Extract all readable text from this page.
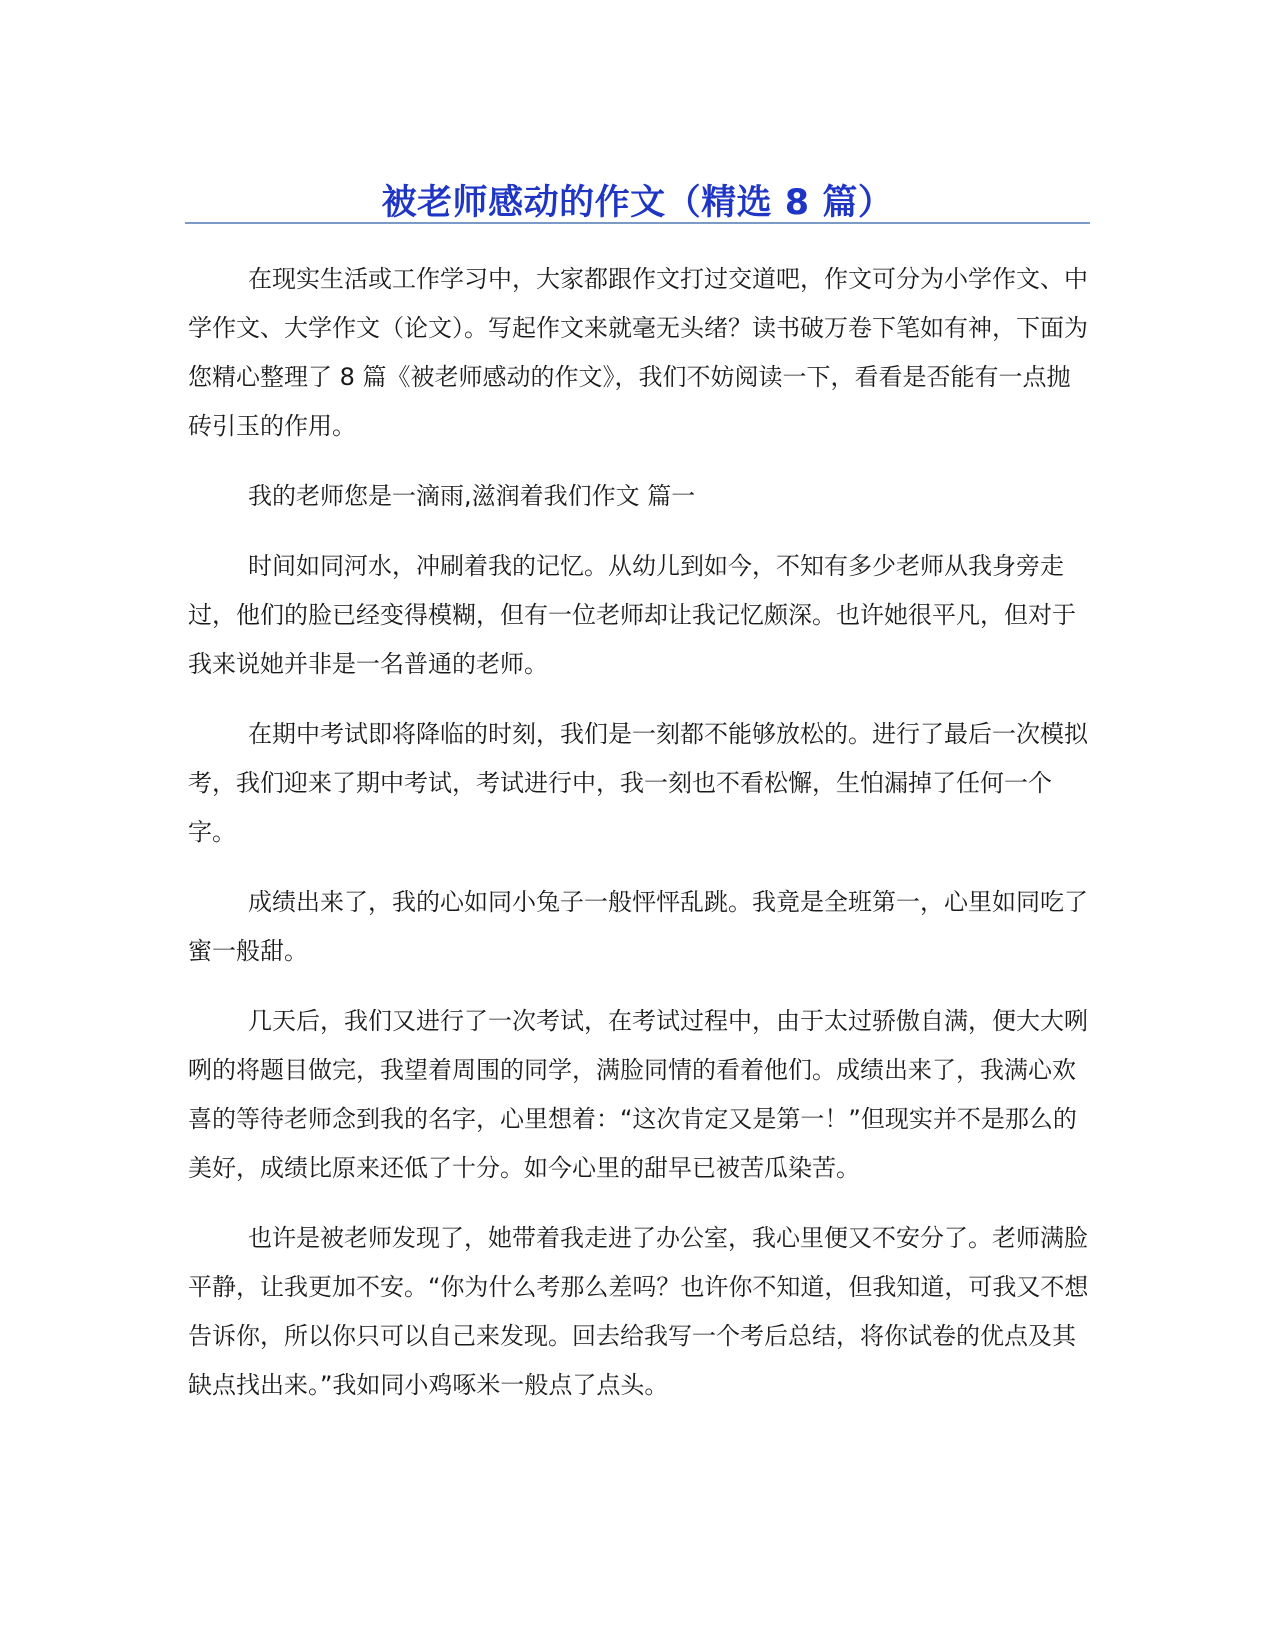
被老师感动的作文（精选 8 篇）

在现实生活或工作学习中，大家都跟作文打过交道吧，作文可分为小学作文、中学作文、大学作文（论文）。写起作文来就毫无头绪？读书破万卷下笔如有神，下面为您精心整理了 8 篇《被老师感动的作文》，我们不妨阅读一下，看看是否能有一点抛砖引玉的作用。

我的老师您是一滴雨,滋润着我们作文 篇一

时间如同河水，冲刷着我的记忆。从幼儿到如今，不知有多少老师从我身旁走过，他们的脸已经变得模糊，但有一位老师却让我记忆颇深。也许她很平凡，但对于我来说她并非是一名普通的老师。

在期中考试即将降临的时刻，我们是一刻都不能够放松的。进行了最后一次模拟考，我们迎来了期中考试，考试进行中，我一刻也不看松懈，生怕漏掉了任何一个字。

成绩出来了，我的心如同小兔子一般怦怦乱跳。我竟是全班第一，心里如同吃了蜜一般甜。

几天后，我们又进行了一次考试，在考试过程中，由于太过骄傲自满，便大大咧咧的将题目做完，我望着周围的同学，满脸同情的看着他们。成绩出来了，我满心欢喜的等待老师念到我的名字，心里想着：“这次肯定又是第一！”但现实并不是那么的美好，成绩比原来还低了十分。如今心里的甜早已被苦瓜染苦。

也许是被老师发现了，她带着我走进了办公室，我心里便又不安分了。老师满脸平静，让我更加不安。“你为什么考那么差吗？也许你不知道，但我知道，可我又不想告诉你，所以你只可以自己来发现。回去给我写一个考后总结，将你试卷的优点及其缺点找出来。”我如同小鸡啄米一般点了点头。
